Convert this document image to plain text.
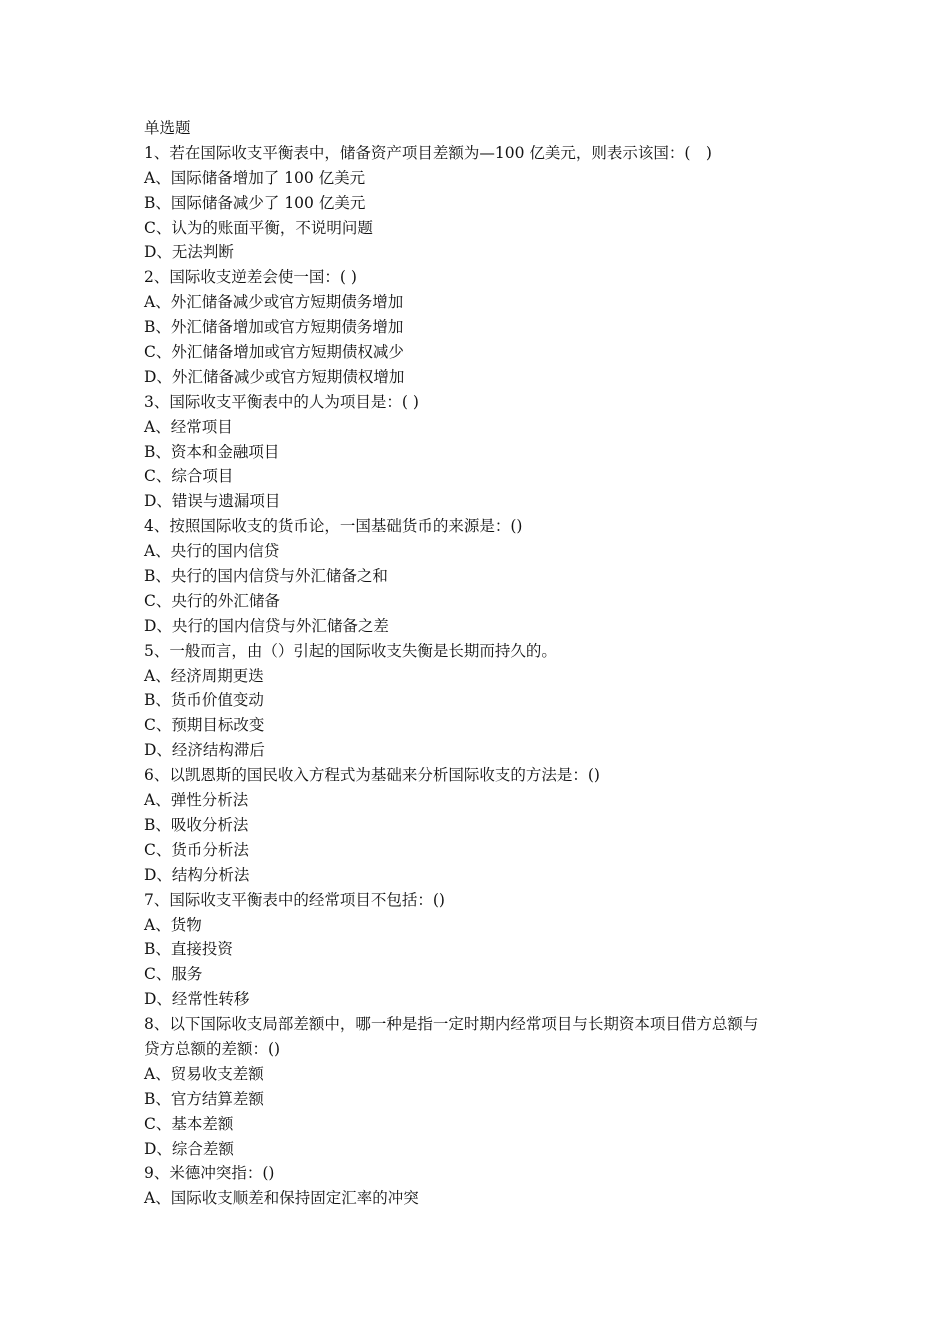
单选题
1、若在国际收支平衡表中，储备资产项目差额为—100 亿美元，则表示该国：(　)
A、国际储备增加了 100 亿美元
B、国际储备减少了 100 亿美元
C、认为的账面平衡，不说明问题
D、无法判断
2、国际收支逆差会使一国：( )
A、外汇储备减少或官方短期债务增加
B、外汇储备增加或官方短期债务增加
C、外汇储备增加或官方短期债权减少
D、外汇储备减少或官方短期债权增加
3、国际收支平衡表中的人为项目是：( )
A、经常项目
B、资本和金融项目
C、综合项目
D、错误与遗漏项目
4、按照国际收支的货币论，一国基础货币的来源是：()
A、央行的国内信贷
B、央行的国内信贷与外汇储备之和
C、央行的外汇储备
D、央行的国内信贷与外汇储备之差
5、一般而言，由（）引起的国际收支失衡是长期而持久的。
A、经济周期更迭
B、货币价值变动
C、预期目标改变
D、经济结构滞后
6、以凯恩斯的国民收入方程式为基础来分析国际收支的方法是：()
A、弹性分析法
B、吸收分析法
C、货币分析法
D、结构分析法
7、国际收支平衡表中的经常项目不包括：()
A、货物
B、直接投资
C、服务
D、经常性转移
8、以下国际收支局部差额中，哪一种是指一定时期内经常项目与长期资本项目借方总额与
贷方总额的差额：()
A、贸易收支差额
B、官方结算差额
C、基本差额
D、综合差额
9、米德冲突指：()
A、国际收支顺差和保持固定汇率的冲突
